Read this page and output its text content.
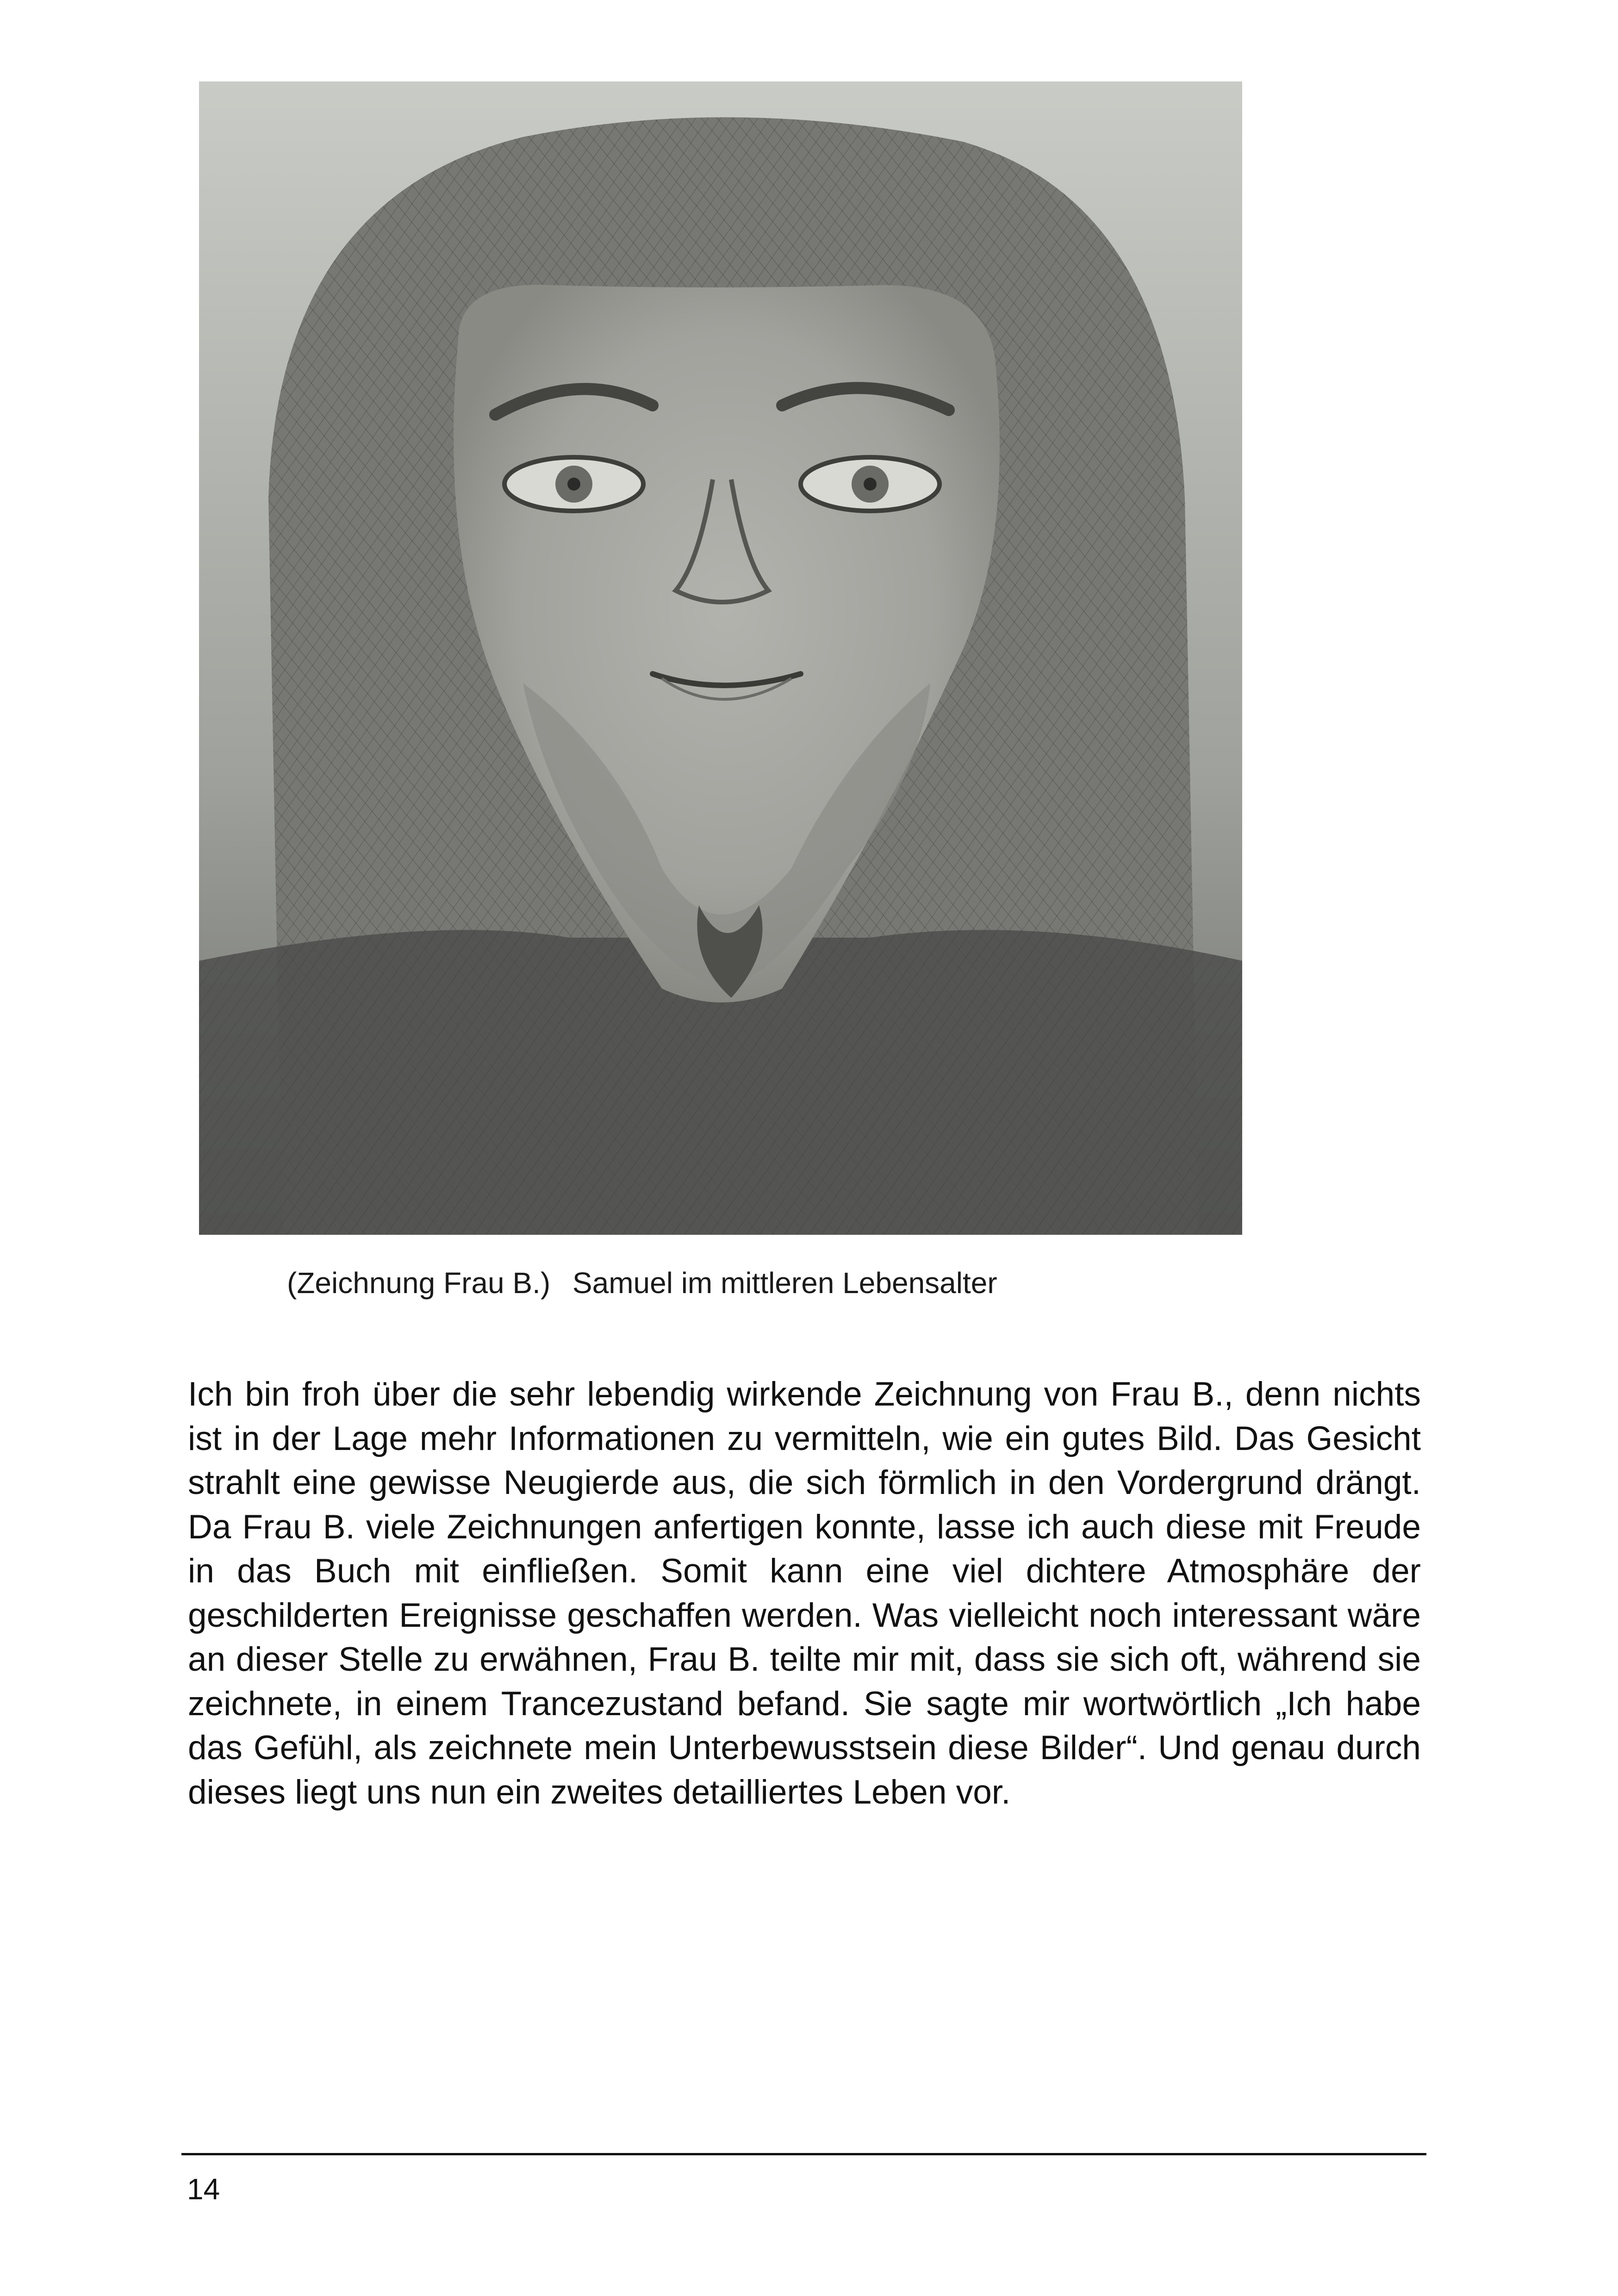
(Zeichnung Frau B.) Samuel im mittleren Lebensalter

Ich bin froh über die sehr lebendig wirkende Zeichnung von Frau B., denn nichts ist in der Lage mehr Informationen zu vermitteln, wie ein gutes Bild. Das Gesicht strahlt eine gewisse Neugierde aus, die sich förmlich in den Vordergrund drängt. Da Frau B. viele Zeichnungen anfertigen konnte, lasse ich auch diese mit Freude in das Buch mit einfließen. Somit kann eine viel dichtere Atmosphäre der geschilderten Ereignisse geschaffen werden. Was vielleicht noch interessant wäre an dieser Stelle zu erwähnen, Frau B. teilte mir mit, dass sie sich oft, während sie zeichnete, in einem Trancezustand befand. Sie sagte mir wortwörtlich „Ich habe das Gefühl, als zeichnete mein Unterbewusstsein diese Bilder“. Und genau durch dieses liegt uns nun ein zweites detailliertes Leben vor.

14
